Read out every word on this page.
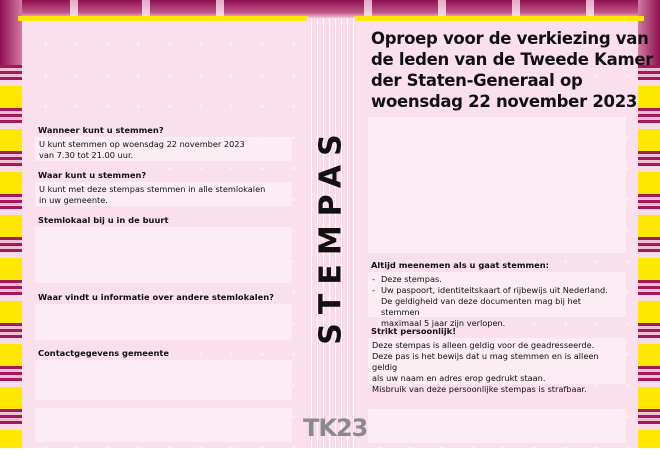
STEMPAS
TK23
Wanneer kunt u stemmen?
U kunt stemmen op woensdag 22 november 2023
van 7.30 tot 21.00 uur.
Waar kunt u stemmen?
U kunt met deze stempas stemmen in alle stemlokalen
in uw gemeente.
Stemlokaal bij u in de buurt
Waar vindt u informatie over andere stemlokalen?
Contactgegevens gemeente
Oproep voor de verkiezing van
de leden van de Tweede Kamer
der Staten-Generaal op
woensdag 22 november 2023
Altijd meenemen als u gaat stemmen:
- Deze stempas.
- Uw paspoort, identiteitskaart of rijbewijs uit Nederland.
De geldigheid van deze documenten mag bij het stemmen
maximaal 5 jaar zijn verlopen.
Strikt persoonlijk!
Deze stempas is alleen geldig voor de geadresseerde.
Deze pas is het bewijs dat u mag stemmen en is alleen geldig
als uw naam en adres erop gedrukt staan.
Misbruik van deze persoonlijke stempas is strafbaar.
